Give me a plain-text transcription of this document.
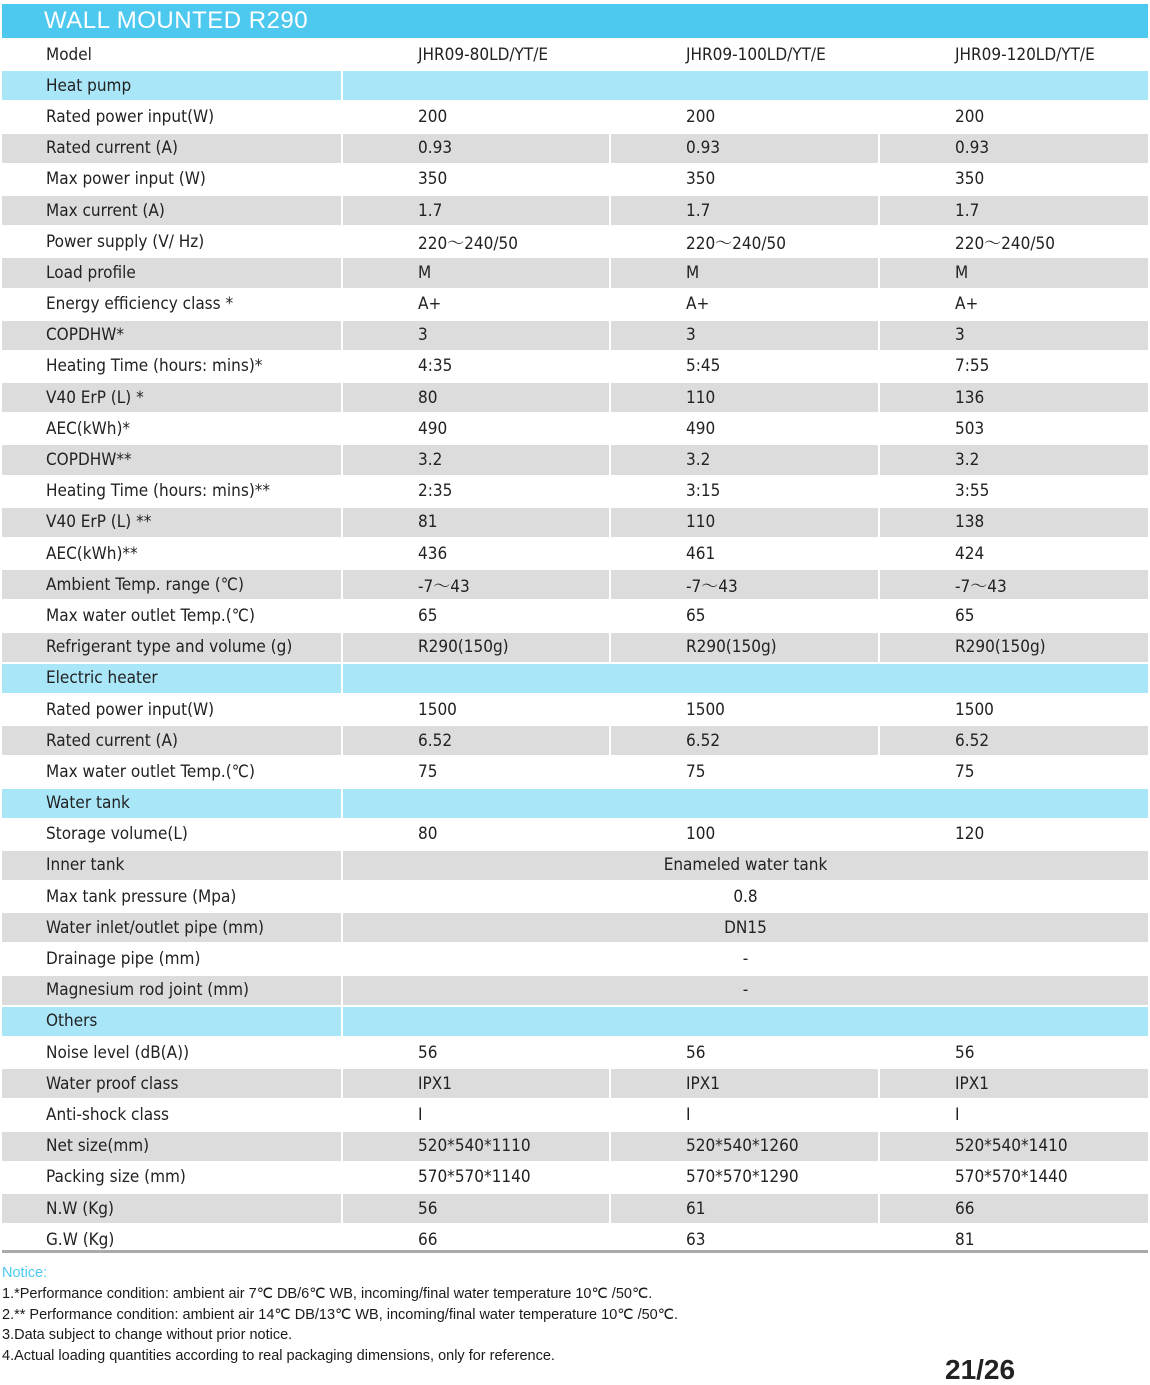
WALL MOUNTED R290
Model	JHR09-80LD/YT/E	JHR09-100LD/YT/E	JHR09-120LD/YT/E
Heat pump			
Rated power input(W)	200	200	200
Rated current (A)	0.93	0.93	0.93
Max power input (W)	350	350	350
Max current (A)	1.7	1.7	1.7
Power supply (V/ Hz)	220～240/50	220～240/50	220～240/50
Load profile	M	M	M
Energy efficiency class *	A+	A+	A+
COPDHW*	3	3	3
Heating Time (hours: mins)*	4:35	5:45	7:55
V40 ErP (L) *	80	110	136
AEC(kWh)*	490	490	503
COPDHW**	3.2	3.2	3.2
Heating Time (hours: mins)**	2:35	3:15	3:55
V40 ErP (L) **	81	110	138
AEC(kWh)**	436	461	424
Ambient Temp. range (℃)	-7～43	-7～43	-7～43
Max water outlet Temp.(℃)	65	65	65
Refrigerant type and volume (g)	R290(150g)	R290(150g)	R290(150g)
Electric heater			
Rated power input(W)	1500	1500	1500
Rated current (A)	6.52	6.52	6.52
Max water outlet Temp.(℃)	75	75	75
Water tank			
Storage volume(L)	80	100	120
Inner tank	Enameled water tank		
Max tank pressure (Mpa)	0.8		
Water inlet/outlet pipe (mm)	DN15		
Drainage pipe (mm)	-		
Magnesium rod joint (mm)	-		
Others			
Noise level (dB(A))	56	56	56
Water proof class	IPX1	IPX1	IPX1
Anti-shock class	Ⅰ	Ⅰ	Ⅰ
Net size(mm)	520*540*1110	520*540*1260	520*540*1410
Packing size (mm)	570*570*1140	570*570*1290	570*570*1440
N.W (Kg)	56	61	66
G.W (Kg)	66	63	81
Notice:
1.*Performance condition: ambient air 7℃ DB/6℃ WB, incoming/final water temperature 10℃ /50℃.
2.** Performance condition: ambient air 14℃ DB/13℃ WB, incoming/final water temperature 10℃ /50℃.
3.Data subject to change without prior notice.
4.Actual loading quantities according to real packaging dimensions, only for reference.	21/26
